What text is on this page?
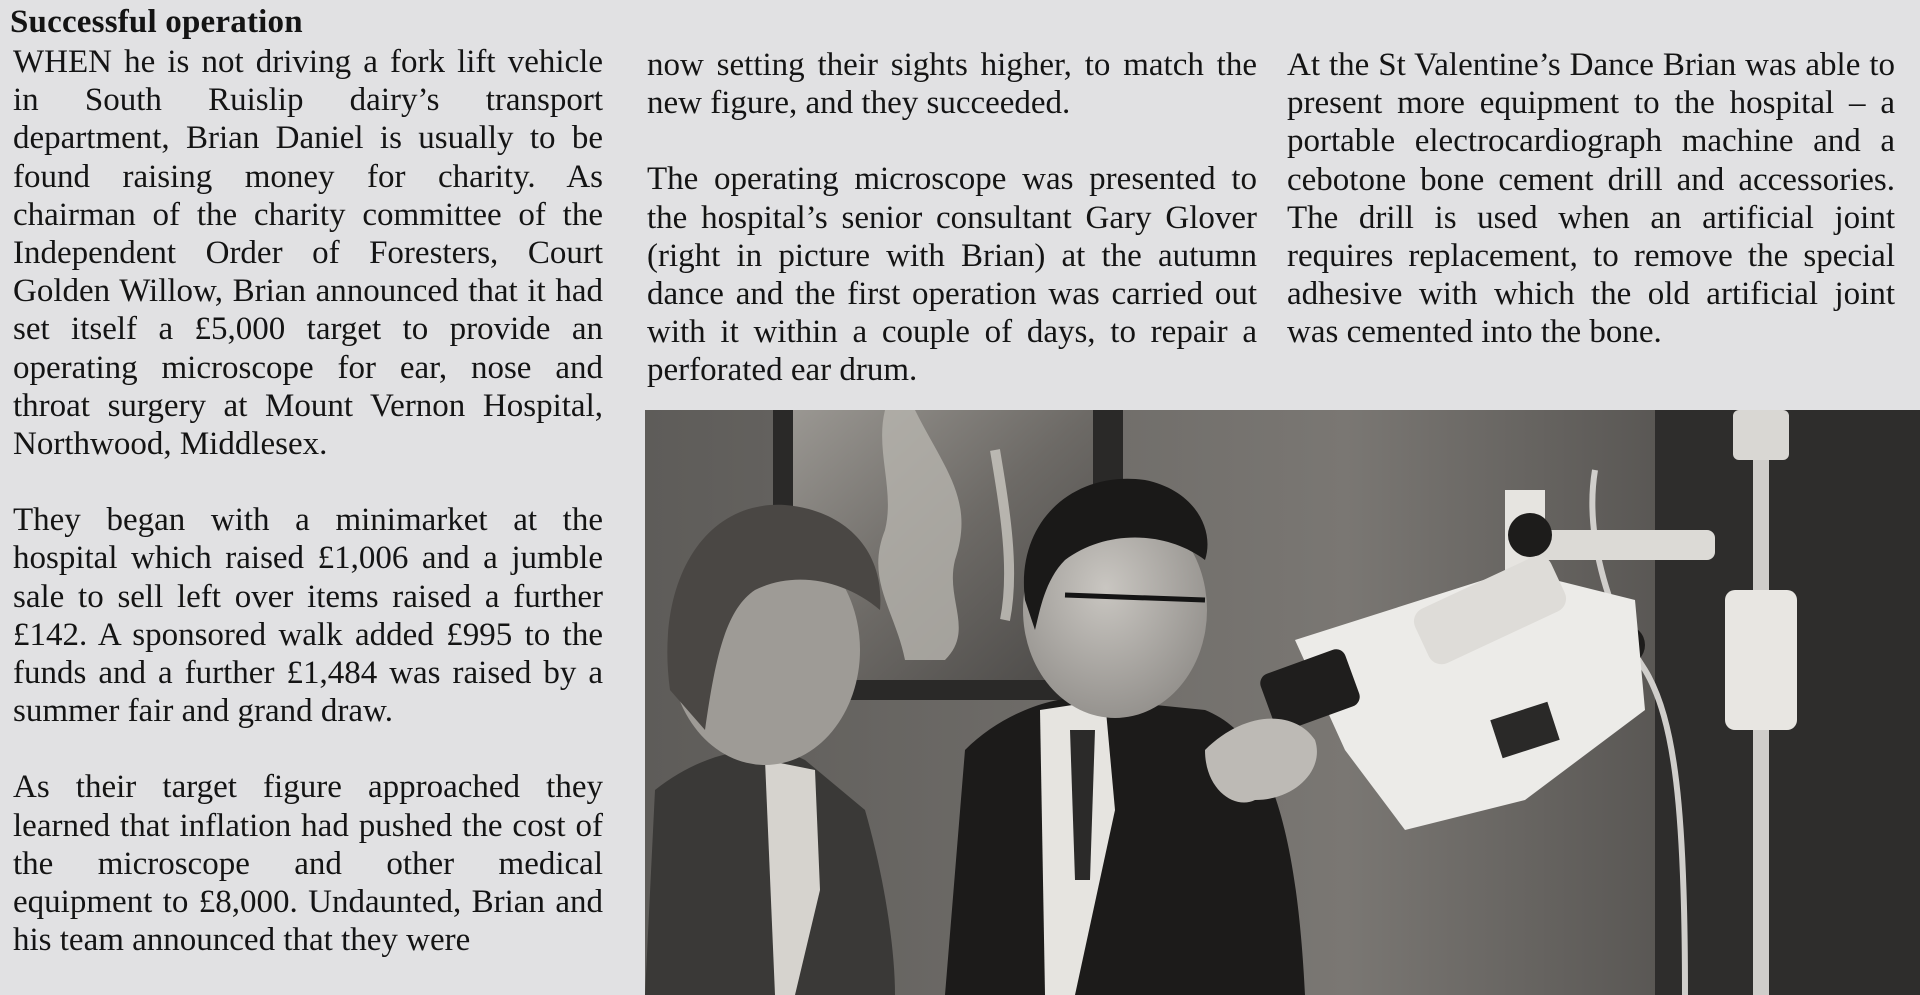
Successful operation

WHEN he is not driving a fork lift vehicle in South Ruislip dairy’s transport department, Brian Daniel is usually to be found raising money for charity. As chairman of the charity committee of the Independent Order of Foresters, Court Golden Willow, Brian announced that it had set itself a £5,000 target to provide an operating microscope for ear, nose and throat surgery at Mount Vernon Hospital, Northwood, Middlesex.

They began with a minimarket at the hospital which raised £1,006 and a jumble sale to sell left over items raised a further £142. A sponsored walk added £995 to the funds and a further £1,484 was raised by a summer fair and grand draw.

As their target figure approached they learned that inflation had pushed the cost of the microscope and other medical equipment to £8,000. Undaunted, Brian and his team announced that they were

now setting their sights higher, to match the new figure, and they succeeded.

The operating microscope was presented to the hospital’s senior consultant Gary Glover (right in picture with Brian) at the autumn dance and the first operation was carried out with it within a couple of days, to repair a perforated ear drum.

At the St Valentine’s Dance Brian was able to present more equipment to the hospital – a portable electrocardiograph machine and a cebotone bone cement drill and accessories. The drill is used when an artificial joint requires replacement, to remove the special adhesive with which the old artificial joint was cemented into the bone.
